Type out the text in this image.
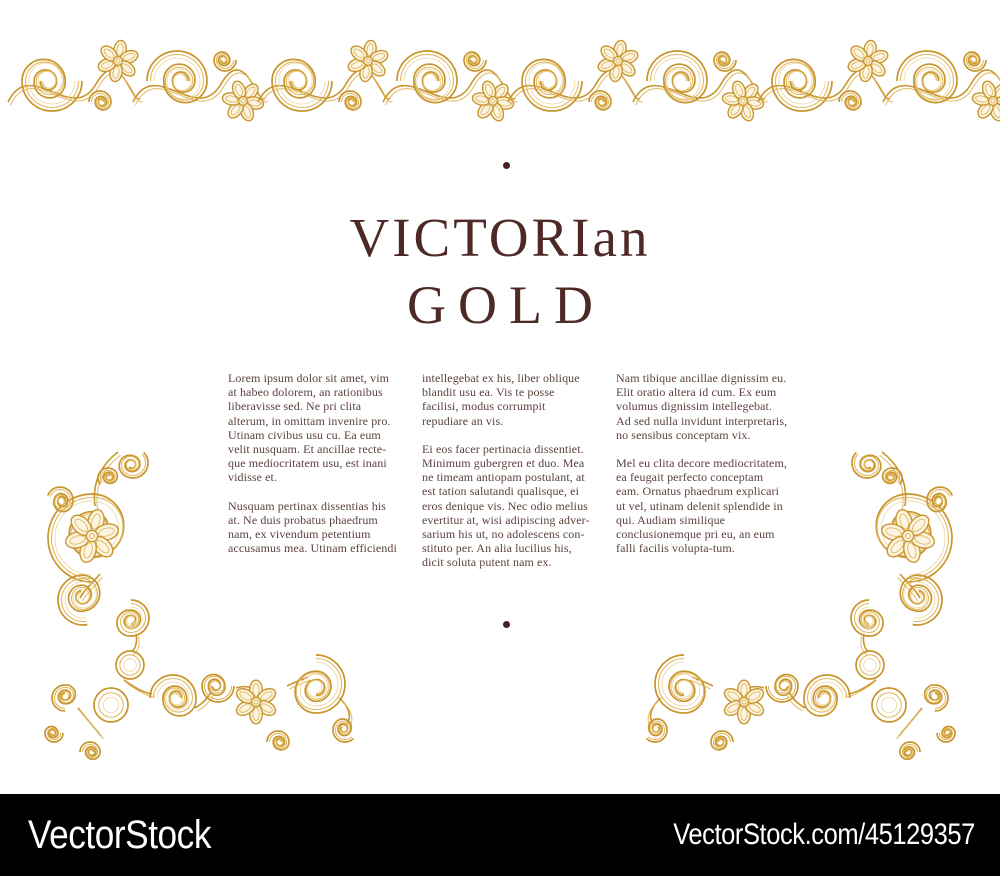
VICTORIan
GOLD

Lorem ipsum dolor sit amet, vim at habeo dolorem, an rationibus liberavisse sed. Ne pri clita alterum, in omittam invenire pro. Utinam civibus usu cu. Ea eum velit nusquam. Et ancillae recte-que mediocritatem usu, est inani vidisse et.

Nusquam pertinax dissentias his at. Ne duis probatus phaedrum nam, ex vivendum petentium accusamus mea. Utinam efficiendi

intellegebat ex his, liber oblique blandit usu ea. Vis te posse facilisi, modus corrumpit repudiare an vis.

Ei eos facer pertinacia dissentiet. Minimum gubergren et duo. Mea ne timeam antiopam postulant, at est tation salutandi qualisque, ei eros denique vis. Nec odio melius evertitur at, wisi adipiscing adver-sarium his ut, no adolescens con-stituto per. An alia lucilius his, dicit soluta putent nam ex.

Nam tibique ancillae dignissim eu. Elit oratio altera id cum. Ex eum volumus dignissim intellegebat. Ad sed nulla invidunt interpretaris, no sensibus conceptam vix.

Mel eu clita decore mediocritatem, ea feugait perfecto conceptam eam. Ornatus phaedrum explicari ut vel, utinam delenit splendide in qui. Audiam similique conclusionemque pri eu, an eum falli facilis volupta-tum.

VectorStock	VectorStock.com/45129357
